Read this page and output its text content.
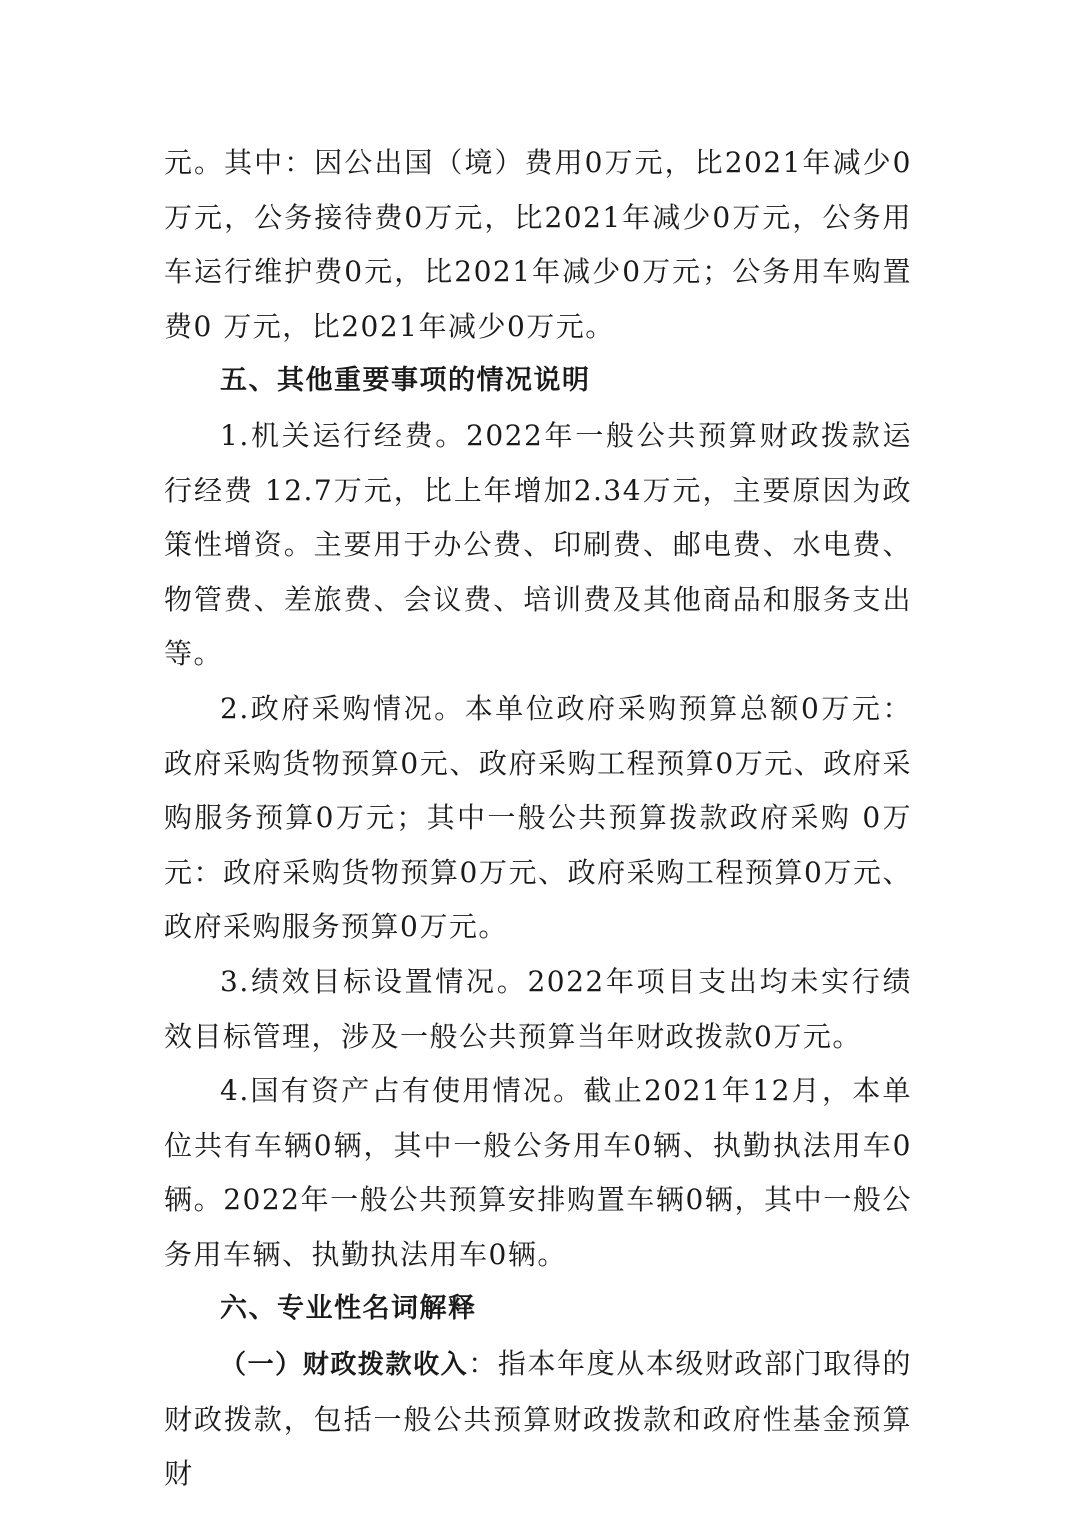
元。其中：因公出国（境）费用0万元，比2021年减少0万元，公务接待费0万元，比2021年减少0万元，公务用车运行维护费0元，比2021年减少0万元；公务用车购置费0 万元，比2021年减少0万元。

五、其他重要事项的情况说明

1.机关运行经费。2022年一般公共预算财政拨款运行经费 12.7万元，比上年增加2.34万元，主要原因为政策性增资。主要用于办公费、印刷费、邮电费、水电费、物管费、差旅费、会议费、培训费及其他商品和服务支出等。

2.政府采购情况。本单位政府采购预算总额0万元：政府采购货物预算0元、政府采购工程预算0万元、政府采购服务预算0万元；其中一般公共预算拨款政府采购 0万元：政府采购货物预算0万元、政府采购工程预算0万元、政府采购服务预算0万元。

3.绩效目标设置情况。2022年项目支出均未实行绩效目标管理，涉及一般公共预算当年财政拨款0万元。

4.国有资产占有使用情况。截止2021年12月，本单位共有车辆0辆，其中一般公务用车0辆、执勤执法用车0辆。2022年一般公共预算安排购置车辆0辆，其中一般公务用车辆、执勤执法用车0辆。

六、专业性名词解释

（一）财政拨款收入：指本年度从本级财政部门取得的财政拨款，包括一般公共预算财政拨款和政府性基金预算财
